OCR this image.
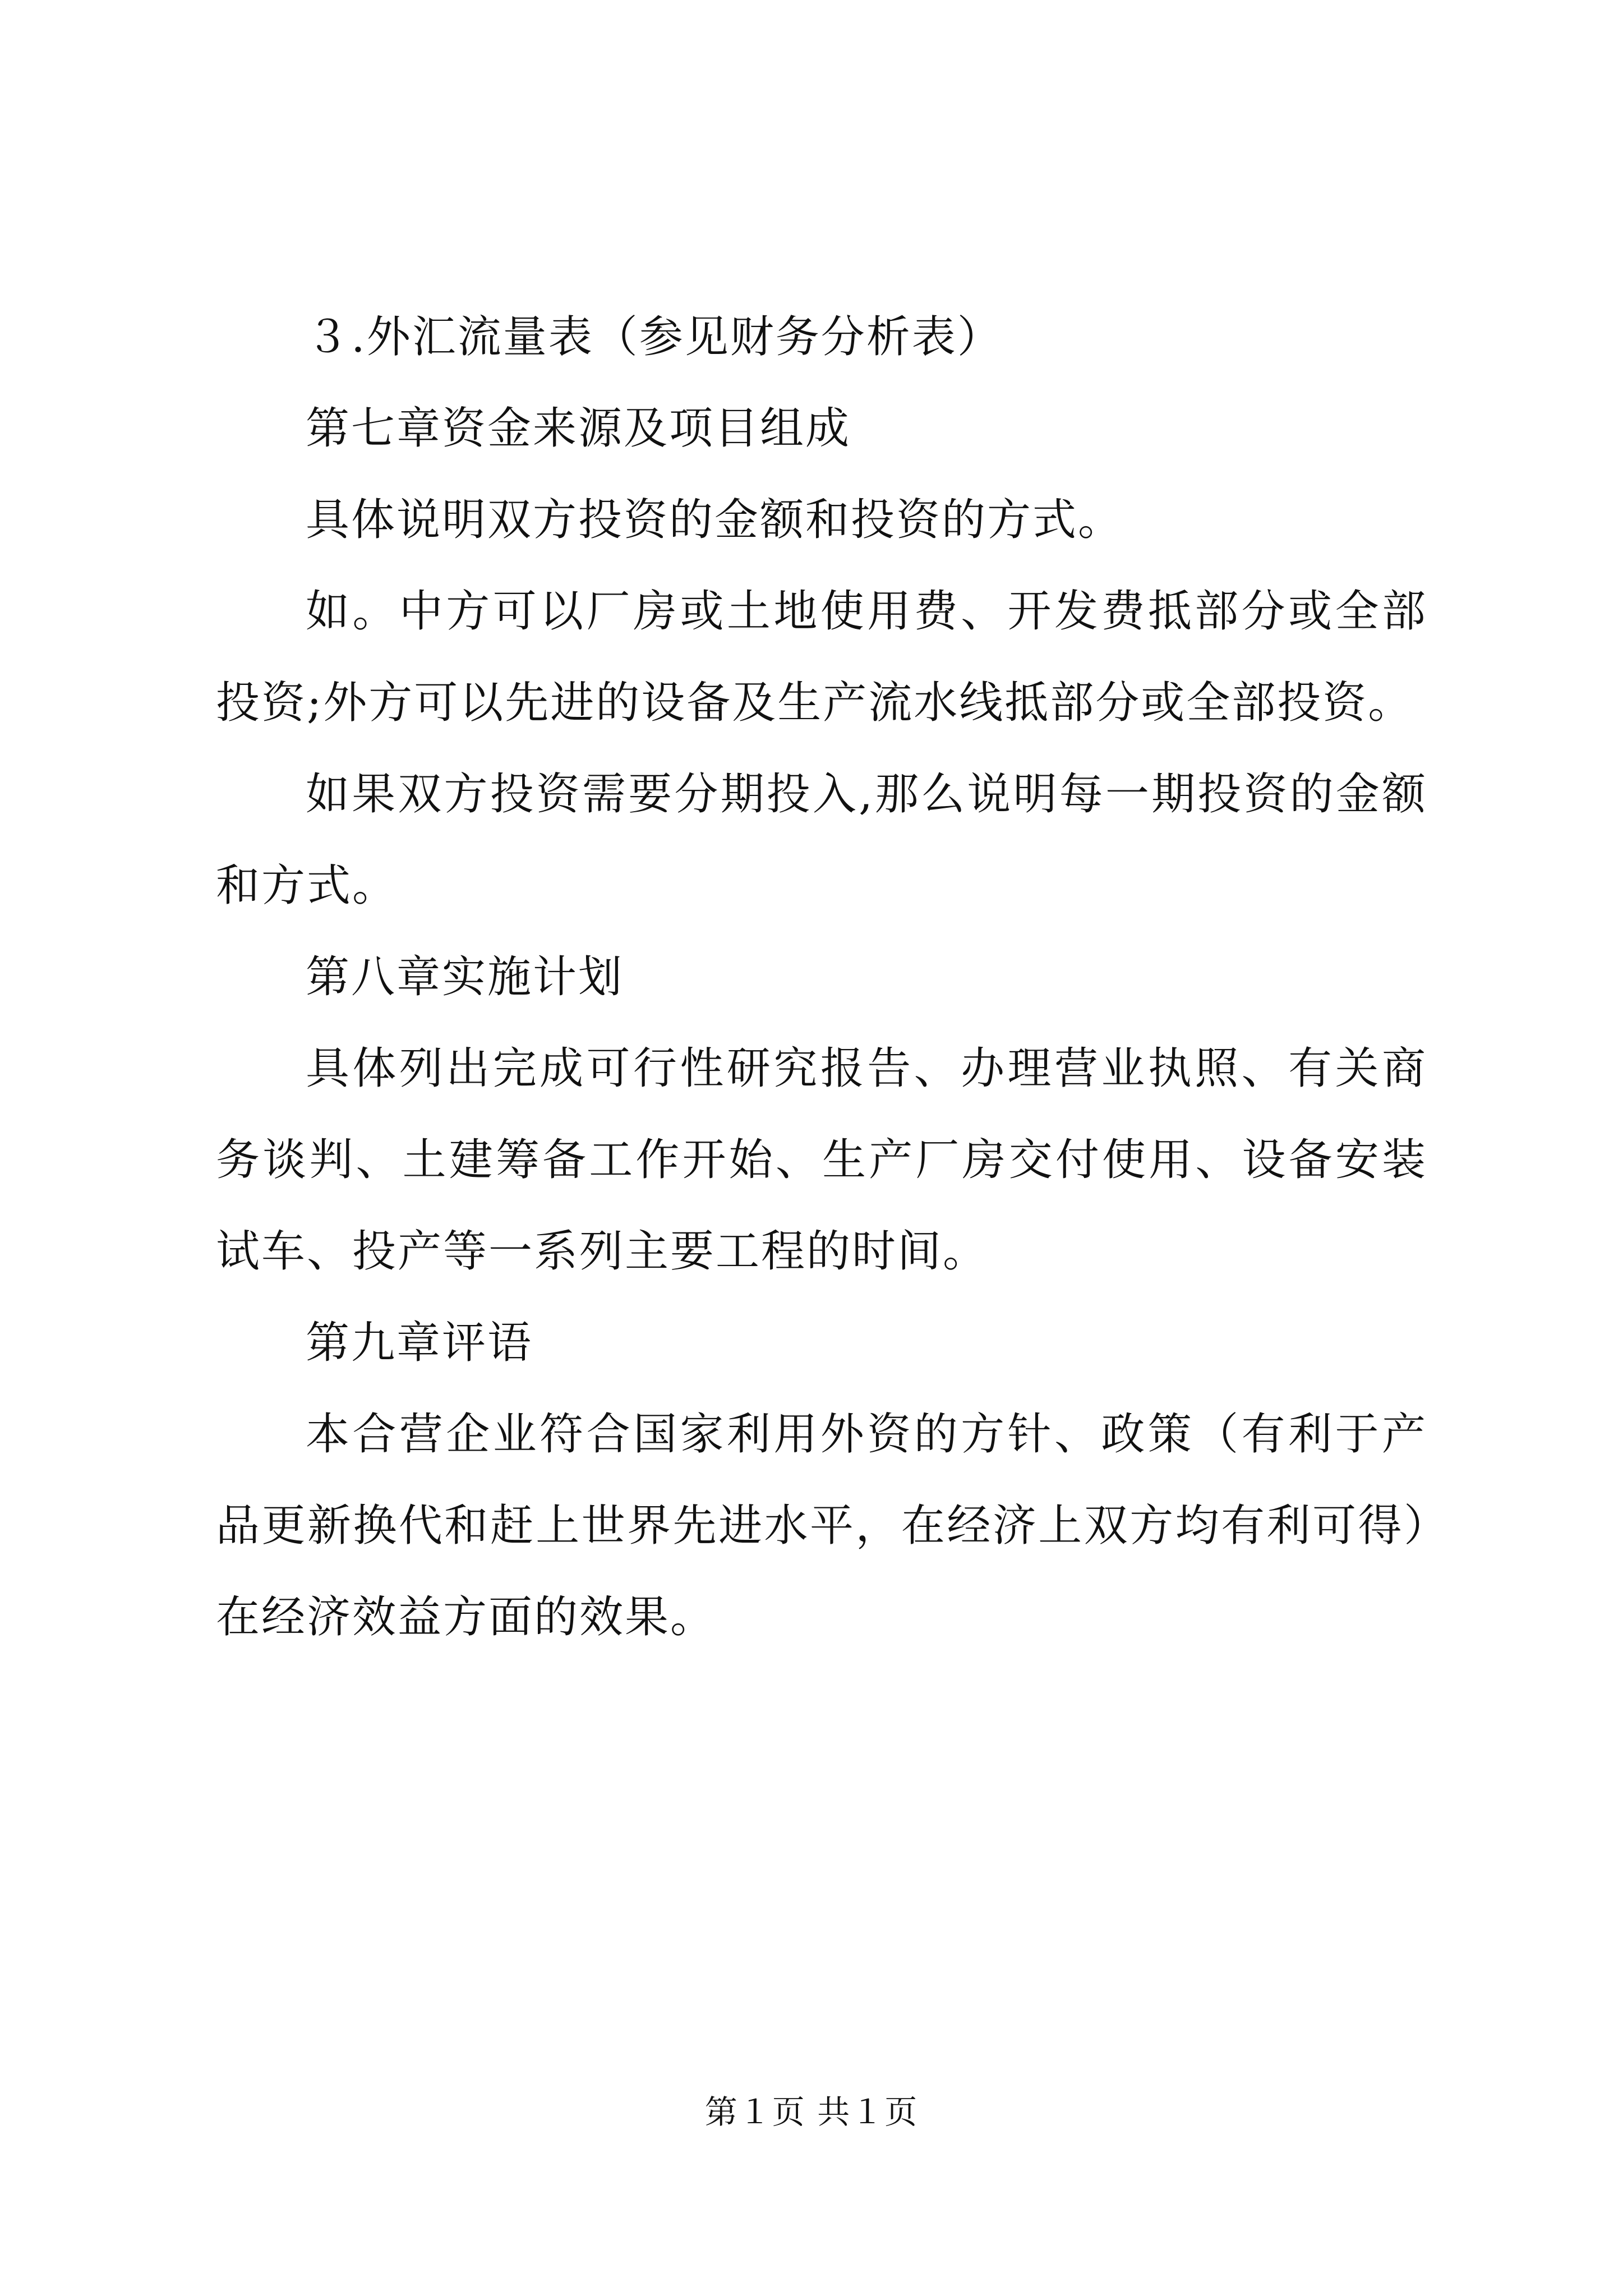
３.外汇流量表（参见财务分析表）

第七章资金来源及项目组成

具体说明双方投资的金额和投资的方式。

如。中方可以厂房或土地使用费、开发费抵部分或全部投资;外方可以先进的设备及生产流水线抵部分或全部投资。

如果双方投资需要分期投入,那么说明每一期投资的金额和方式。

第八章实施计划

具体列出完成可行性研究报告、办理营业执照、有关商务谈判、土建筹备工作开始、生产厂房交付使用、设备安装试车、投产等一系列主要工程的时间。

第九章评语

本合营企业符合国家利用外资的方针、政策（有利于产品更新换代和赶上世界先进水平，在经济上双方均有利可得）在经济效益方面的效果。

第１页 共１页
